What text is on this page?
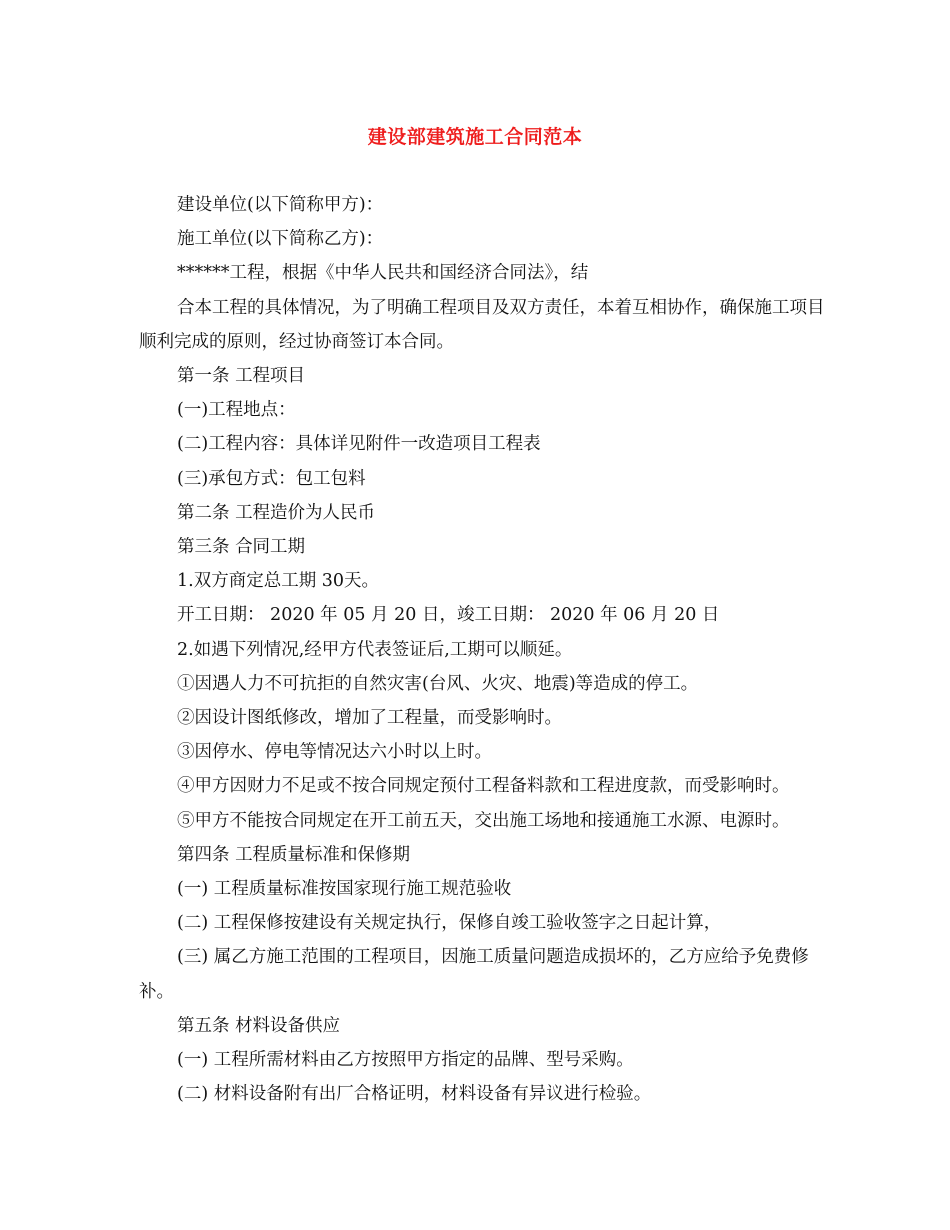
建设部建筑施工合同范本

建设单位(以下简称甲方)：

施工单位(以下简称乙方)：

******工程，根据《中华人民共和国经济合同法》，结

合本工程的具体情况，为了明确工程项目及双方责任，本着互相协作，确保施工项目顺利完成的原则，经过协商签订本合同。

第一条 工程项目

(一)工程地点：

(二)工程内容：具体详见附件一改造项目工程表

(三)承包方式：包工包料

第二条 工程造价为人民币

第三条 合同工期

1.双方商定总工期 30天。

开工日期： 2020 年 05 月 20 日，竣工日期： 2020 年 06 月 20 日

2.如遇下列情况,经甲方代表签证后,工期可以顺延。

①因遇人力不可抗拒的自然灾害(台风、火灾、地震)等造成的停工。

②因设计图纸修改，增加了工程量，而受影响时。

③因停水、停电等情况达六小时以上时。

④甲方因财力不足或不按合同规定预付工程备料款和工程进度款，而受影响时。

⑤甲方不能按合同规定在开工前五天，交出施工场地和接通施工水源、电源时。

第四条 工程质量标准和保修期

(一) 工程质量标准按国家现行施工规范验收

(二) 工程保修按建设有关规定执行，保修自竣工验收签字之日起计算，

(三) 属乙方施工范围的工程项目，因施工质量问题造成损坏的，乙方应给予免费修补。

第五条 材料设备供应

(一) 工程所需材料由乙方按照甲方指定的品牌、型号采购。

(二) 材料设备附有出厂合格证明，材料设备有异议进行检验。
